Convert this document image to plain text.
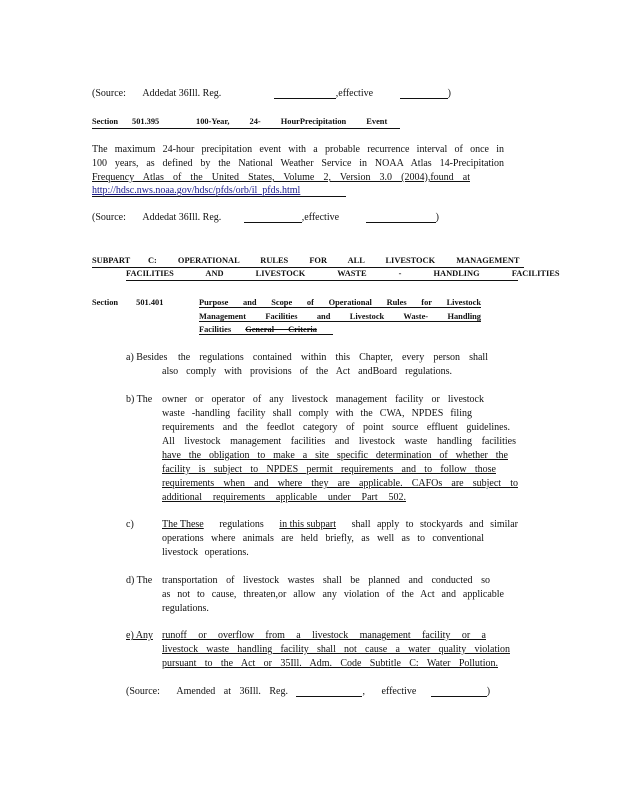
(Source: Addedat 36Ill. Reg.	,effective	)
Section 501.395	100-Year, 24- HourPrecipitation Event
The maximum 24-hour precipitation event with a probable recurrence interval of once in
100 years, as defined by the National Weather Service in NOAA Atlas 14-Precipitation
Frequency Atlas of the United States, Volume 2, Version 3.0 (2004),found at
http://hdsc.nws.noaa.gov/hdsc/pfds/orb/il_pfds.html
(Source: Addedat 36Ill. Reg.	,effective	)
SUBPART C: OPERATIONAL RULES FOR ALL LIVESTOCK MANAGEMENT
FACILITIES AND LIVESTOCK WASTE - HANDLING FACILITIES
Section 501.401	Purpose and Scope of Operational Rules for Livestock
Management Facilities and Livestock Waste- Handling
Facilities General Criteria
a) Besides the regulations contained within this Chapter, every person shall
also comply with provisions of the Act andBoard regulations.
b) The owner or operator of any livestock management facility or livestock
waste -handling facility shall comply with the CWA, NPDES filing
requirements and the feedlot category of point source effluent guidelines.
All livestock management facilities and livestock waste handling facilities
have the obligation to make a site specific determination of whether the
facility is subject to NPDES permit requirements and to follow those
requirements when and where they are applicable. CAFOs are subject to
additional requirements applicable under Part 502.
c)	The These regulations in this subpart shall apply to stockyards and similar
operations where animals are held briefly, as well as to conventional
livestock operations.
d) The transportation of livestock wastes shall be planned and conducted so
as not to cause, threaten,or allow any violation of the Act and applicable
regulations.
e) Any runoff or overflow from a livestock management facility or a
livestock waste handling facility shall not cause a water quality violation
pursuant to the Act or 35Ill. Adm. Code Subtitle C: Water Pollution.
(Source: Amended at 36Ill. Reg.	, effective	)
